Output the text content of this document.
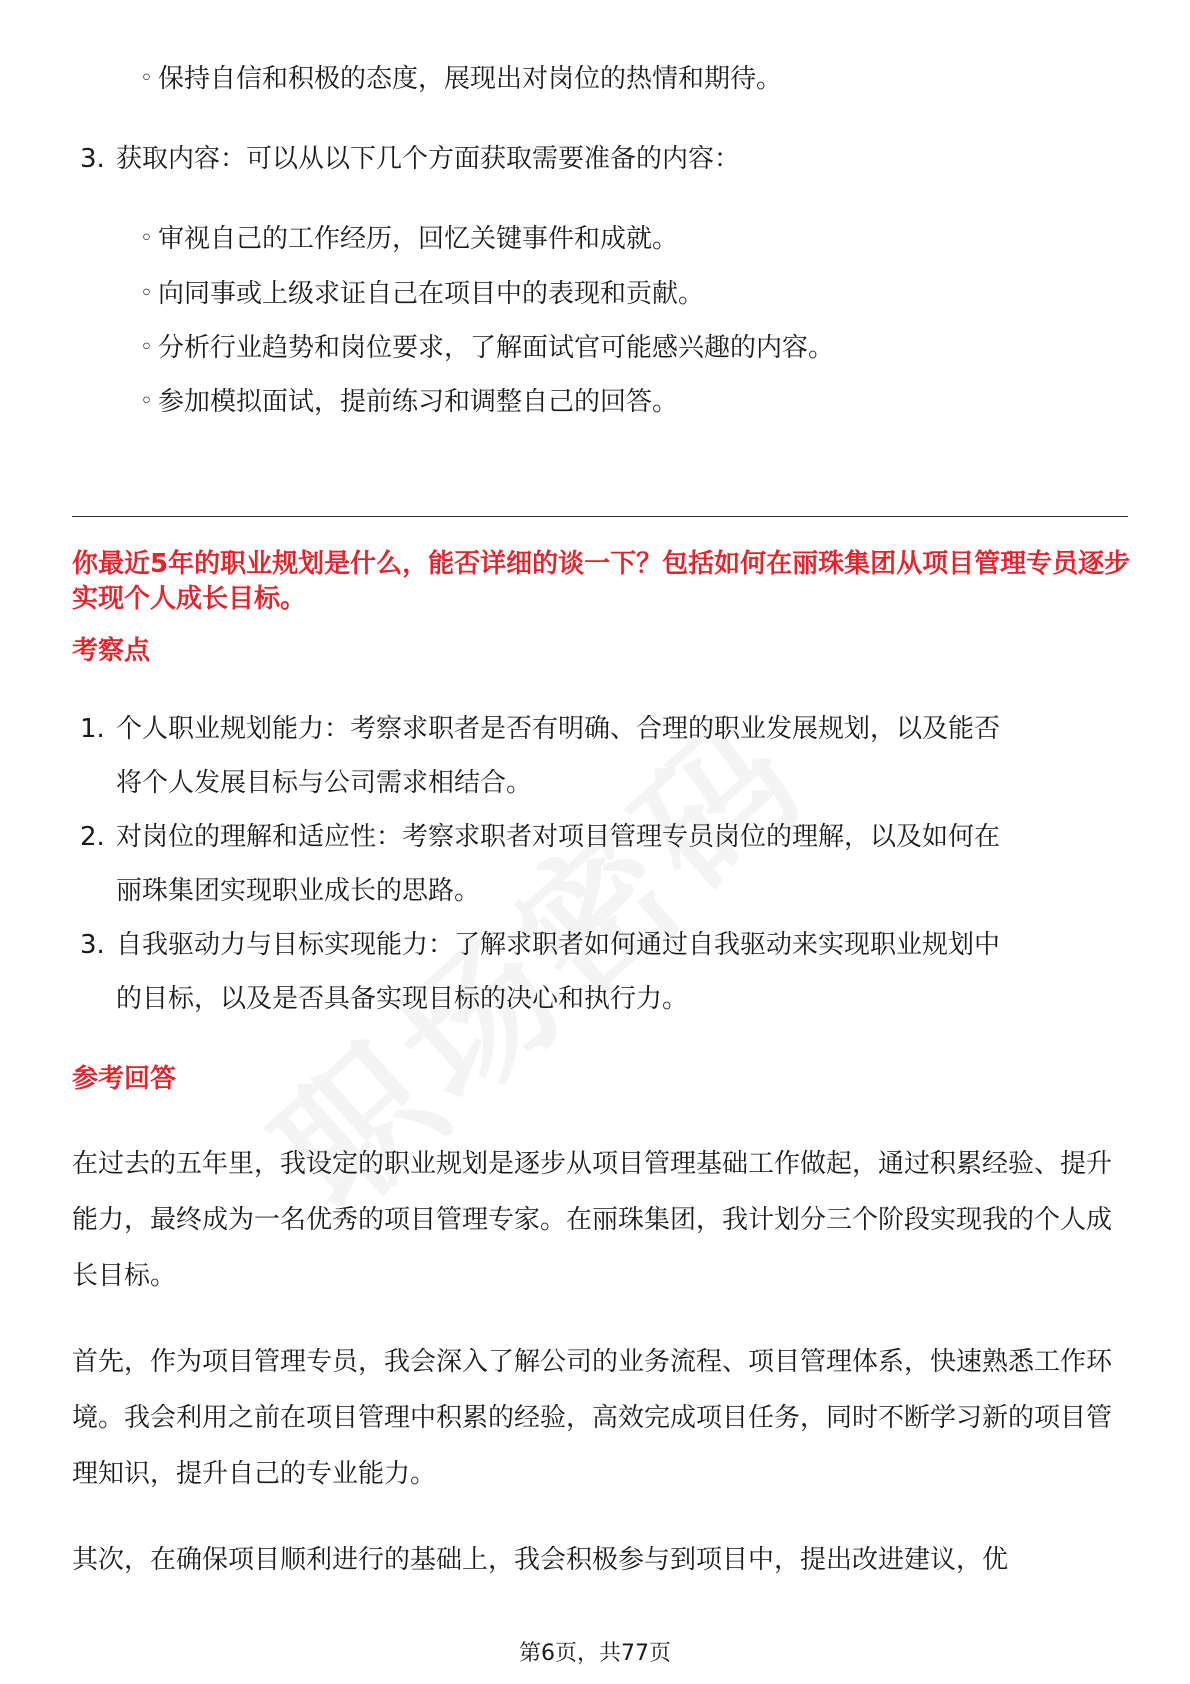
◦ 保持自信和积极的态度，展现出对岗位的热情和期待。
3. 获取内容：可以从以下几个方面获取需要准备的内容：
◦ 审视自己的工作经历，回忆关键事件和成就。
◦ 向同事或上级求证自己在项目中的表现和贡献。
◦ 分析行业趋势和岗位要求，了解面试官可能感兴趣的内容。
◦ 参加模拟面试，提前练习和调整自己的回答。
你最近5年的职业规划是什么，能否详细的谈一下？包括如何在丽珠集团从项目管理专员逐步实现个人成长目标。
考察点
1. 个人职业规划能力：考察求职者是否有明确、合理的职业发展规划，以及能否
将个人发展目标与公司需求相结合。
2. 对岗位的理解和适应性：考察求职者对项目管理专员岗位的理解，以及如何在
丽珠集团实现职业成长的思路。
3. 自我驱动力与目标实现能力：了解求职者如何通过自我驱动来实现职业规划中
的目标，以及是否具备实现目标的决心和执行力。
参考回答
在过去的五年里，我设定的职业规划是逐步从项目管理基础工作做起，通过积累经验、提升能力，最终成为一名优秀的项目管理专家。在丽珠集团，我计划分三个阶段实现我的个人成长目标。
首先，作为项目管理专员，我会深入了解公司的业务流程、项目管理体系，快速熟悉工作环境。我会利用之前在项目管理中积累的经验，高效完成项目任务，同时不断学习新的项目管理知识，提升自己的专业能力。
其次，在确保项目顺利进行的基础上，我会积极参与到项目中，提出改进建议，优
第6页，共77页
